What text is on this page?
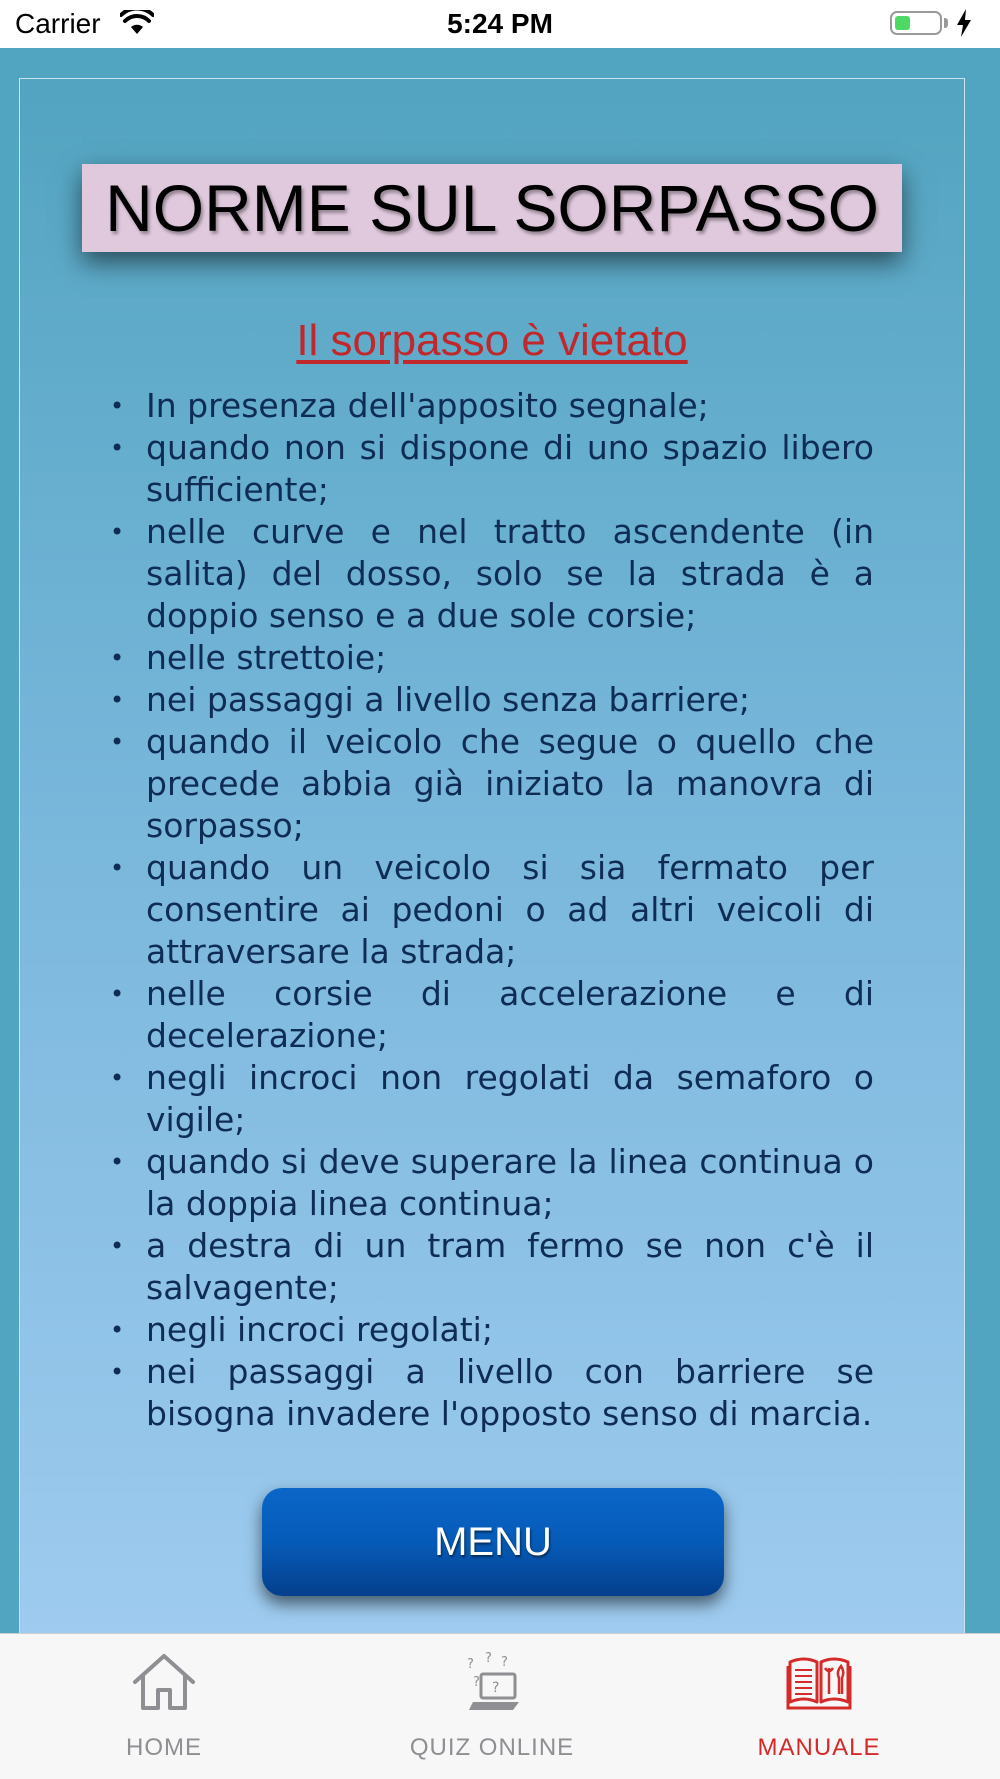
Carrier	5:24 PM
NORME SUL SORPASSO
Il sorpasso è vietato
• In presenza dell'apposito segnale;
• quando non si dispone di uno spazio libero sufficiente;
• nelle curve e nel tratto ascendente (in salita) del dosso, solo se la strada è a doppio senso e a due sole corsie;
• nelle strettoie;
• nei passaggi a livello senza barriere;
• quando il veicolo che segue o quello che precede abbia già iniziato la manovra di sorpasso;
• quando un veicolo si sia fermato per consentire ai pedoni o ad altri veicoli di attraversare la strada;
• nelle corsie di accelerazione e di decelerazione;
• negli incroci non regolati da semaforo o vigile;
• quando si deve superare la linea continua o la doppia linea continua;
• a destra di un tram fermo se non c'è il salvagente;
• negli incroci regolati;
• nei passaggi a livello con barriere se bisogna invadere l'opposto senso di marcia.
MENU
HOME
? ? ?
? ?
QUIZ ONLINE	MANUALE
